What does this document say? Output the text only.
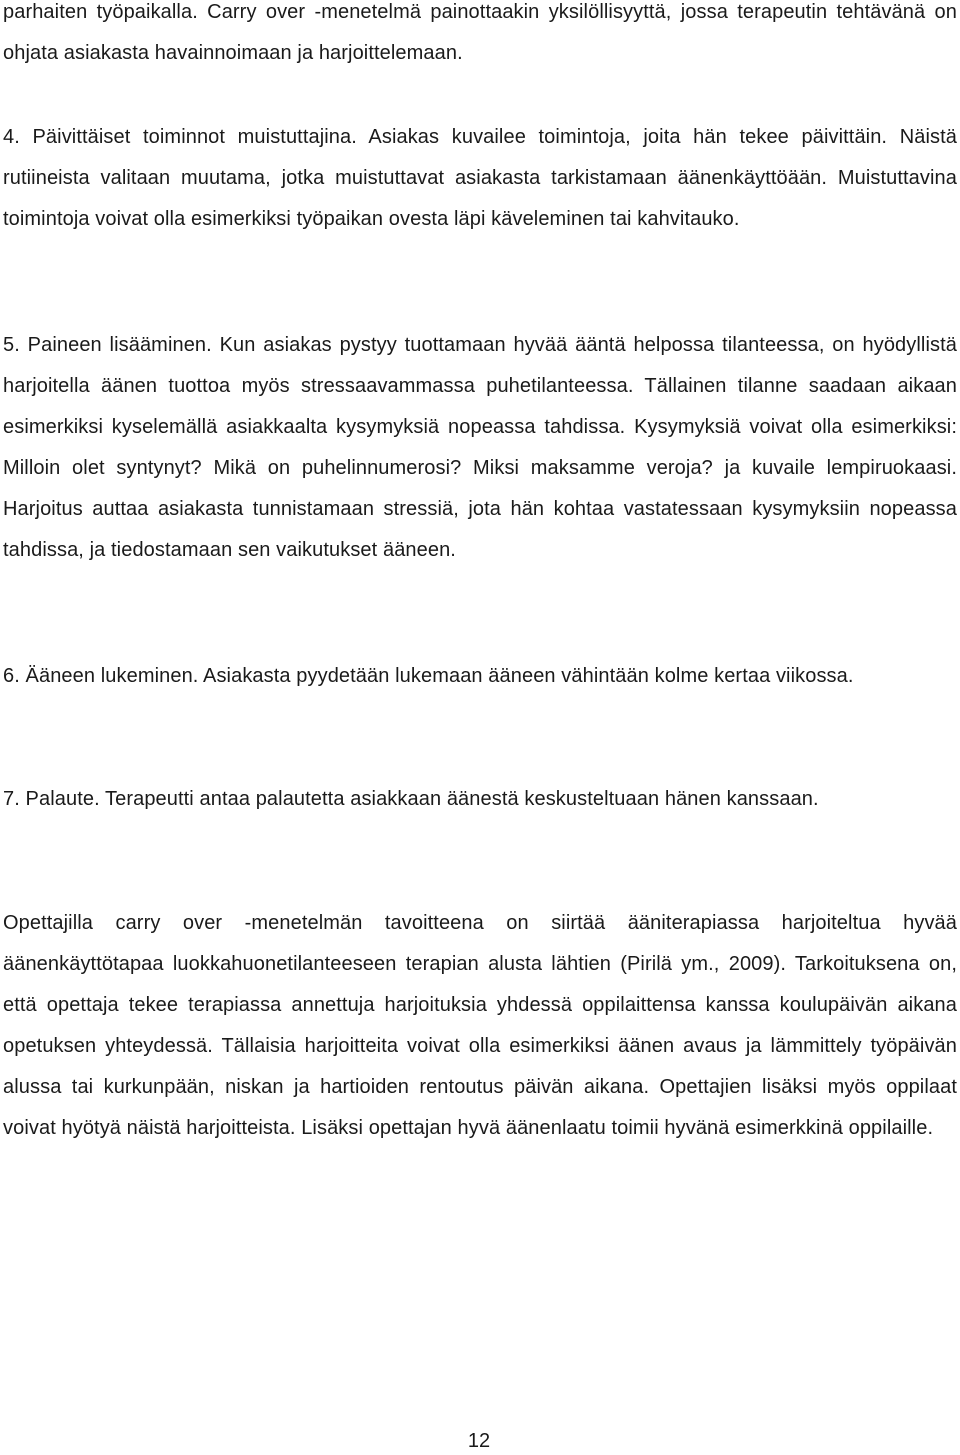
parhaiten työpaikalla. Carry over -menetelmä painottaakin yksilöllisyyttä, jossa terapeutin tehtävänä on ohjata asiakasta havainnoimaan ja harjoittelemaan.

4. Päivittäiset toiminnot muistuttajina. Asiakas kuvailee toimintoja, joita hän tekee päivittäin. Näistä rutiineista valitaan muutama, jotka muistuttavat asiakasta tarkistamaan äänenkäyttöään. Muistuttavina toimintoja voivat olla esimerkiksi työpaikan ovesta läpi käveleminen tai kahvitauko.

5. Paineen lisääminen. Kun asiakas pystyy tuottamaan hyvää ääntä helpossa tilanteessa, on hyödyllistä harjoitella äänen tuottoa myös stressaavammassa puhetilanteessa. Tällainen tilanne saadaan aikaan esimerkiksi kyselemällä asiakkaalta kysymyksiä nopeassa tahdissa. Kysymyksiä voivat olla esimerkiksi: Milloin olet syntynyt? Mikä on puhelinnumerosi? Miksi maksamme veroja? ja kuvaile lempiruokaasi. Harjoitus auttaa asiakasta tunnistamaan stressiä, jota hän kohtaa vastatessaan kysymyksiin nopeassa tahdissa, ja tiedostamaan sen vaikutukset ääneen.

6. Ääneen lukeminen. Asiakasta pyydetään lukemaan ääneen vähintään kolme kertaa viikossa.

7. Palaute. Terapeutti antaa palautetta asiakkaan äänestä keskusteltuaan hänen kanssaan.

Opettajilla carry over -menetelmän tavoitteena on siirtää ääniterapiassa harjoiteltua hyvää äänenkäyttötapaa luokkahuonetilanteeseen terapian alusta lähtien (Pirilä ym., 2009). Tarkoituksena on, että opettaja tekee terapiassa annettuja harjoituksia yhdessä oppilaittensa kanssa koulupäivän aikana opetuksen yhteydessä. Tällaisia harjoitteita voivat olla esimerkiksi äänen avaus ja lämmittely työpäivän alussa tai kurkunpään, niskan ja hartioiden rentoutus päivän aikana. Opettajien lisäksi myös oppilaat voivat hyötyä näistä harjoitteista. Lisäksi opettajan hyvä äänenlaatu toimii hyvänä esimerkkinä oppilaille.

12
